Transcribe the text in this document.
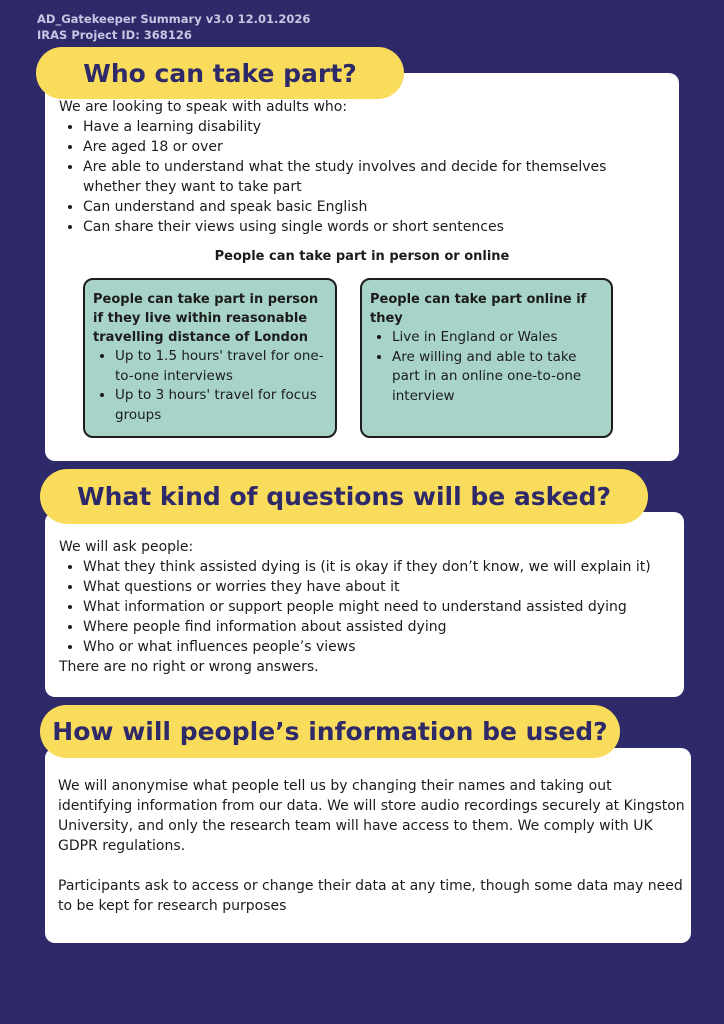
AD_Gatekeeper Summary v3.0 12.01.2026
IRAS Project ID: 368126
We are looking to speak with adults who:
• Have a learning disability
• Are aged 18 or over
• Are able to understand what the study involves and decide for themselves whether they want to take part
• Can understand and speak basic English
• Can share their views using single words or short sentences
People can take part in person or online
People can take part in person if they live within reasonable travelling distance of London
• Up to 1.5 hours' travel for one-to-one interviews
• Up to 3 hours' travel for focus groups
People can take part online if they
• Live in England or Wales
• Are willing and able to take part in an online one-to-one interview
Who can take part?
We will ask people:
• What they think assisted dying is (it is okay if they don’t know, we will explain it)
• What questions or worries they have about it
• What information or support people might need to understand assisted dying
• Where people find information about assisted dying
• Who or what influences people’s views
There are no right or wrong answers.
What kind of questions will be asked?
We will anonymise what people tell us by changing their names and taking out identifying information from our data. We will store audio recordings securely at Kingston University, and only the research team will have access to them. We comply with UK GDPR regulations.
Participants ask to access or change their data at any time, though some data may need to be kept for research purposes
How will people’s information be used?
